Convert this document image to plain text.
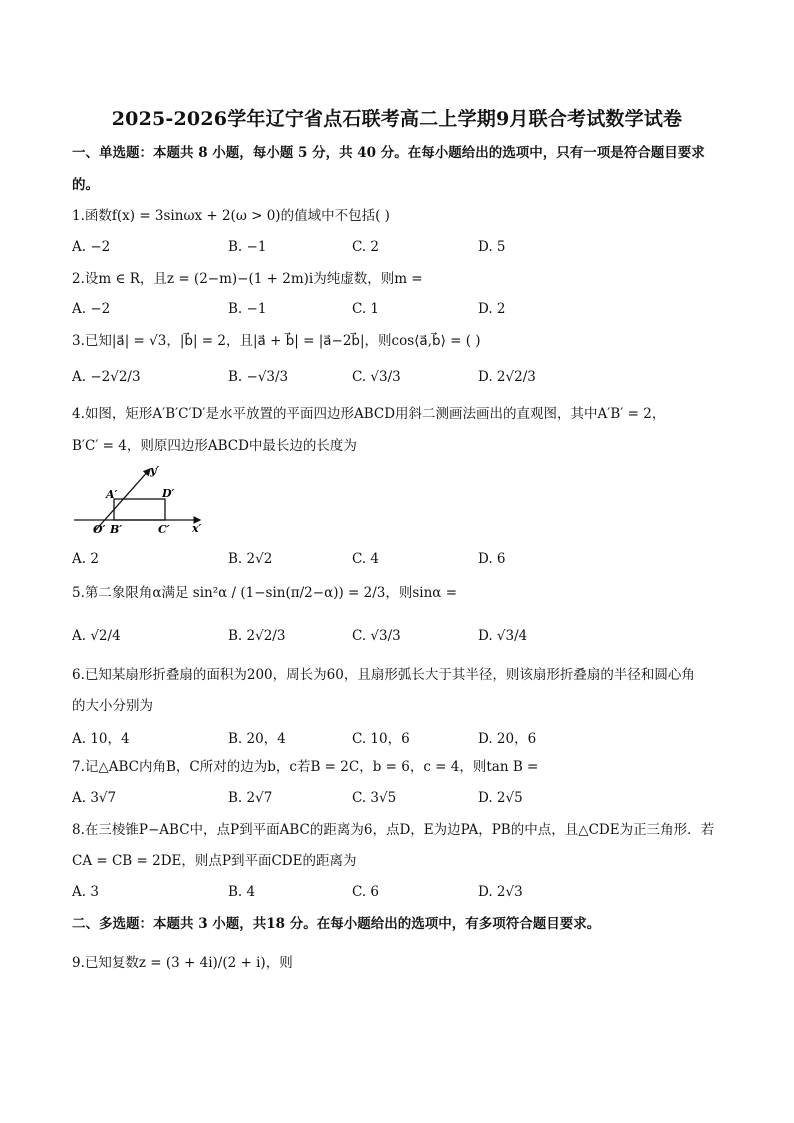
2025-2026学年辽宁省点石联考高二上学期9月联合考试数学试卷
一、单选题：本题共 8 小题，每小题 5 分，共 40 分。在每小题给出的选项中，只有一项是符合题目要求
的。
1.函数f(x) = 3sinωx + 2(ω > 0)的值域中不包括( )
A. −2	B. −1	C. 2	D. 5
2.设m ∈ R，且z = (2−m)−(1 + 2m)i为纯虚数，则m =
A. −2	B. −1	C. 1	D. 2
3.已知|a⃗| = √3，|b⃗| = 2，且|a⃗ + b⃗| = |a⃗−2b⃗|，则cos⟨a⃗,b⃗⟩ = ( )
A. −2√2/3	B. −√3/3	C. √3/3	D. 2√2/3
4.如图，矩形A′B′C′D′是水平放置的平面四边形ABCD用斜二测画法画出的直观图，其中A′B′ = 2，
B′C′ = 4，则原四边形ABCD中最长边的长度为
y′
x′
A′	D′
O′ B′	C′
A. 2	B. 2√2	C. 4	D. 6
5.第二象限角α满足 sin²α / (1−sin(π/2−α)) = 2/3，则sinα =
A. √2/4	B. 2√2/3	C. √3/3	D. √3/4
6.已知某扇形折叠扇的面积为200，周长为60，且扇形弧长大于其半径，则该扇形折叠扇的半径和圆心角
的大小分别为
A. 10，4	B. 20，4	C. 10，6	D. 20，6
7.记△ABC内角B，C所对的边为b，c若B = 2C，b = 6，c = 4，则tan B =
A. 3√7	B. 2√7	C. 3√5	D. 2√5
8.在三棱锥P−ABC中，点P到平面ABC的距离为6，点D，E为边PA，PB的中点，且△CDE为正三角形．若
CA = CB = 2DE，则点P到平面CDE的距离为
A. 3	B. 4	C. 6	D. 2√3
二、多选题：本题共 3 小题，共18 分。在每小题给出的选项中，有多项符合题目要求。
9.已知复数z = (3 + 4i)/(2 + i)，则
